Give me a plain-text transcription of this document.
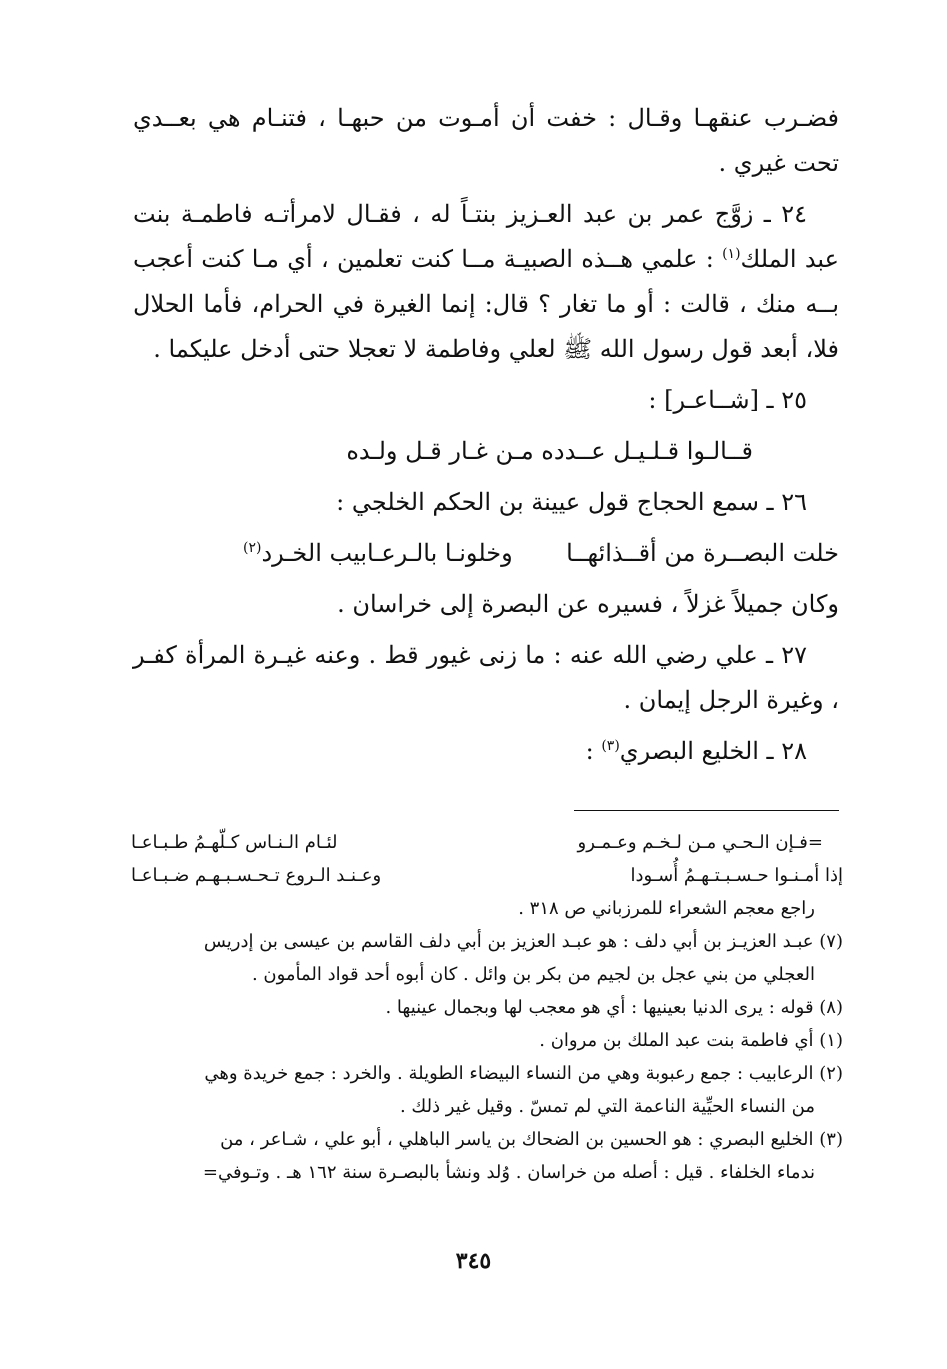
فضـرب عنقهـا وقـال : خفت أن أمـوت من حبهـا ، فتنـام هي بعــدي تحت غيري .

٢٤ ـ زوَّج عمر بن عبد العـزيز بنتـاً له ، فقـال لامرأتـه فاطمـة بنت عبد الملك$^{(١)}$ : علمي هــذه الصبيـة مــا كنت تعلمين ، أي مـا كنت أعجب بــه منك ، قالت : أو ما تغار ؟ قال: إنما الغيرة في الحرام، فأما الحلال فلا، أبعد قول رسول الله ﷺ لعلي وفاطمة لا تعجلا حتى أدخل عليكما .

٢٥ ـ [شــاعـر] :

قــالـوا قـلـيـل عــدده مـن غـار قـل ولـده

٢٦ ـ سمع الحجاج قول عيينة بن الحكم الخلجي :

خلت البصــرة من أقــذائهــا
وخلونـا بالـرعـابيب الخـرد$^{(٢)}$

وكان جميلاً غزلاً ، فسيره عن البصرة إلى خراسان .

٢٧ ـ علي رضي الله عنه : ما زنى غيور قط . وعنه غيـرة المرأة كفـر ، وغيرة الرجل إيمان .

٢٨ ـ الخليع البصري$^{(٣)}$ :

=فـإن الـحـي مـن لـخـم وعـمـرو
لئـام الـنـاس كـلّهـمُ طـبـاعـا
إذا أمـنـوا حـسـبـتـهـمُ أُسـودا
وعـنـد الـروع تـحـسـبـهـم ضـبـاعـا

راجع معجم الشعراء للمرزباني ص ٣١٨ .

(٧) عبـد العزيـز بن أبي دلف : هو عبـد العزيز بن أبي دلف القاسم بن عيسى بن إدريس

العجلي من بني عجل بن لجيم من بكر بن وائل . كان أبوه أحد قواد المأمون .

(٨) قوله : يرى الدنيا بعينيها : أي هو معجب لها وبجمال عينيها .

(١) أي فاطمة بنت عبد الملك بن مروان .

(٢) الرعابيب : جمع رعبوبة وهي من النساء البيضاء الطويلة . والخرد : جمع خريدة وهي

من النساء الحيِّية الناعمة التي لم تمسّ . وقيل غير ذلك .

(٣) الخليع البصري : هو الحسين بن الضحاك بن ياسر الباهلي ، أبو علي ، شـاعر ، من

ندماء الخلفاء . قيل : أصله من خراسان . وُلد ونشأ بالبصـرة سنة ١٦٢ هـ . وتـوفي=

٣٤٥
